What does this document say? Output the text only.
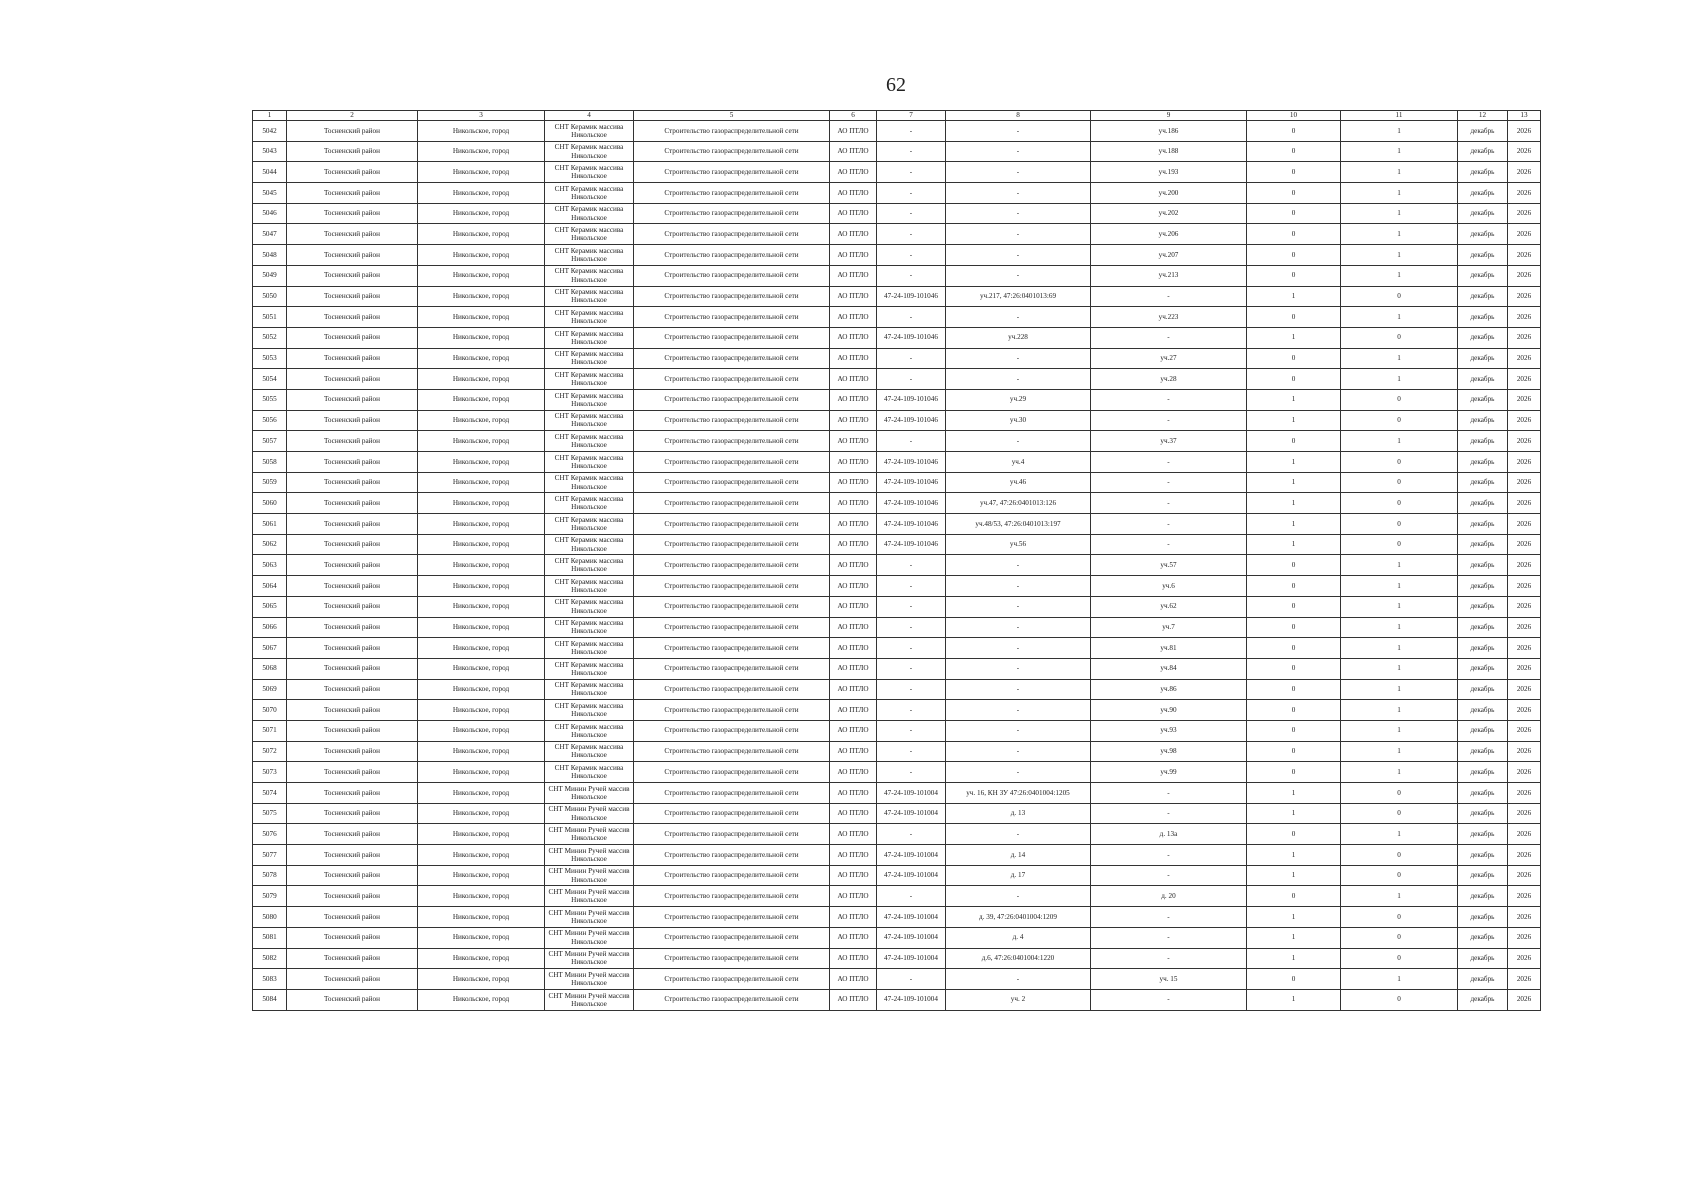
62
1	2	3	4	5	6	7	8	9	10	11	12	13
5042	Тосненский район	Никольское, город	СНТ Керамик массива Никольское	Строительство газораспределительной сети	АО ПТЛО	-	-	уч.186	0	1	декабрь	2026
5043	Тосненский район	Никольское, город	СНТ Керамик массива Никольское	Строительство газораспределительной сети	АО ПТЛО	-	-	уч.188	0	1	декабрь	2026
5044	Тосненский район	Никольское, город	СНТ Керамик массива Никольское	Строительство газораспределительной сети	АО ПТЛО	-	-	уч.193	0	1	декабрь	2026
5045	Тосненский район	Никольское, город	СНТ Керамик массива Никольское	Строительство газораспределительной сети	АО ПТЛО	-	-	уч.200	0	1	декабрь	2026
5046	Тосненский район	Никольское, город	СНТ Керамик массива Никольское	Строительство газораспределительной сети	АО ПТЛО	-	-	уч.202	0	1	декабрь	2026
5047	Тосненский район	Никольское, город	СНТ Керамик массива Никольское	Строительство газораспределительной сети	АО ПТЛО	-	-	уч.206	0	1	декабрь	2026
5048	Тосненский район	Никольское, город	СНТ Керамик массива Никольское	Строительство газораспределительной сети	АО ПТЛО	-	-	уч.207	0	1	декабрь	2026
5049	Тосненский район	Никольское, город	СНТ Керамик массива Никольское	Строительство газораспределительной сети	АО ПТЛО	-	-	уч.213	0	1	декабрь	2026
5050	Тосненский район	Никольское, город	СНТ Керамик массива Никольское	Строительство газораспределительной сети	АО ПТЛО	47-24-109-101046	уч.217, 47:26:0401013:69	-	1	0	декабрь	2026
5051	Тосненский район	Никольское, город	СНТ Керамик массива Никольское	Строительство газораспределительной сети	АО ПТЛО	-	-	уч.223	0	1	декабрь	2026
5052	Тосненский район	Никольское, город	СНТ Керамик массива Никольское	Строительство газораспределительной сети	АО ПТЛО	47-24-109-101046	уч.228	-	1	0	декабрь	2026
5053	Тосненский район	Никольское, город	СНТ Керамик массива Никольское	Строительство газораспределительной сети	АО ПТЛО	-	-	уч.27	0	1	декабрь	2026
5054	Тосненский район	Никольское, город	СНТ Керамик массива Никольское	Строительство газораспределительной сети	АО ПТЛО	-	-	уч.28	0	1	декабрь	2026
5055	Тосненский район	Никольское, город	СНТ Керамик массива Никольское	Строительство газораспределительной сети	АО ПТЛО	47-24-109-101046	уч.29	-	1	0	декабрь	2026
5056	Тосненский район	Никольское, город	СНТ Керамик массива Никольское	Строительство газораспределительной сети	АО ПТЛО	47-24-109-101046	уч.30	-	1	0	декабрь	2026
5057	Тосненский район	Никольское, город	СНТ Керамик массива Никольское	Строительство газораспределительной сети	АО ПТЛО	-	-	уч.37	0	1	декабрь	2026
5058	Тосненский район	Никольское, город	СНТ Керамик массива Никольское	Строительство газораспределительной сети	АО ПТЛО	47-24-109-101046	уч.4	-	1	0	декабрь	2026
5059	Тосненский район	Никольское, город	СНТ Керамик массива Никольское	Строительство газораспределительной сети	АО ПТЛО	47-24-109-101046	уч.46	-	1	0	декабрь	2026
5060	Тосненский район	Никольское, город	СНТ Керамик массива Никольское	Строительство газораспределительной сети	АО ПТЛО	47-24-109-101046	уч.47, 47:26:0401013:126	-	1	0	декабрь	2026
5061	Тосненский район	Никольское, город	СНТ Керамик массива Никольское	Строительство газораспределительной сети	АО ПТЛО	47-24-109-101046	уч.48/53, 47:26:0401013:197	-	1	0	декабрь	2026
5062	Тосненский район	Никольское, город	СНТ Керамик массива Никольское	Строительство газораспределительной сети	АО ПТЛО	47-24-109-101046	уч.56	-	1	0	декабрь	2026
5063	Тосненский район	Никольское, город	СНТ Керамик массива Никольское	Строительство газораспределительной сети	АО ПТЛО	-	-	уч.57	0	1	декабрь	2026
5064	Тосненский район	Никольское, город	СНТ Керамик массива Никольское	Строительство газораспределительной сети	АО ПТЛО	-	-	уч.6	0	1	декабрь	2026
5065	Тосненский район	Никольское, город	СНТ Керамик массива Никольское	Строительство газораспределительной сети	АО ПТЛО	-	-	уч.62	0	1	декабрь	2026
5066	Тосненский район	Никольское, город	СНТ Керамик массива Никольское	Строительство газораспределительной сети	АО ПТЛО	-	-	уч.7	0	1	декабрь	2026
5067	Тосненский район	Никольское, город	СНТ Керамик массива Никольское	Строительство газораспределительной сети	АО ПТЛО	-	-	уч.81	0	1	декабрь	2026
5068	Тосненский район	Никольское, город	СНТ Керамик массива Никольское	Строительство газораспределительной сети	АО ПТЛО	-	-	уч.84	0	1	декабрь	2026
5069	Тосненский район	Никольское, город	СНТ Керамик массива Никольское	Строительство газораспределительной сети	АО ПТЛО	-	-	уч.86	0	1	декабрь	2026
5070	Тосненский район	Никольское, город	СНТ Керамик массива Никольское	Строительство газораспределительной сети	АО ПТЛО	-	-	уч.90	0	1	декабрь	2026
5071	Тосненский район	Никольское, город	СНТ Керамик массива Никольское	Строительство газораспределительной сети	АО ПТЛО	-	-	уч.93	0	1	декабрь	2026
5072	Тосненский район	Никольское, город	СНТ Керамик массива Никольское	Строительство газораспределительной сети	АО ПТЛО	-	-	уч.98	0	1	декабрь	2026
5073	Тосненский район	Никольское, город	СНТ Керамик массива Никольское	Строительство газораспределительной сети	АО ПТЛО	-	-	уч.99	0	1	декабрь	2026
5074	Тосненский район	Никольское, город	СНТ Минин Ручей массив Никольское	Строительство газораспределительной сети	АО ПТЛО	47-24-109-101004	уч. 16, КН ЗУ 47:26:0401004:1205	-	1	0	декабрь	2026
5075	Тосненский район	Никольское, город	СНТ Минин Ручей массив Никольское	Строительство газораспределительной сети	АО ПТЛО	47-24-109-101004	д. 13	-	1	0	декабрь	2026
5076	Тосненский район	Никольское, город	СНТ Минин Ручей массив Никольское	Строительство газораспределительной сети	АО ПТЛО	-	-	д. 13а	0	1	декабрь	2026
5077	Тосненский район	Никольское, город	СНТ Минин Ручей массив Никольское	Строительство газораспределительной сети	АО ПТЛО	47-24-109-101004	д. 14	-	1	0	декабрь	2026
5078	Тосненский район	Никольское, город	СНТ Минин Ручей массив Никольское	Строительство газораспределительной сети	АО ПТЛО	47-24-109-101004	д. 17	-	1	0	декабрь	2026
5079	Тосненский район	Никольское, город	СНТ Минин Ручей массив Никольское	Строительство газораспределительной сети	АО ПТЛО	-	-	д. 20	0	1	декабрь	2026
5080	Тосненский район	Никольское, город	СНТ Минин Ручей массив Никольское	Строительство газораспределительной сети	АО ПТЛО	47-24-109-101004	д. 39, 47:26:0401004:1209	-	1	0	декабрь	2026
5081	Тосненский район	Никольское, город	СНТ Минин Ручей массив Никольское	Строительство газораспределительной сети	АО ПТЛО	47-24-109-101004	д. 4	-	1	0	декабрь	2026
5082	Тосненский район	Никольское, город	СНТ Минин Ручей массив Никольское	Строительство газораспределительной сети	АО ПТЛО	47-24-109-101004	д.6, 47:26:0401004:1220	-	1	0	декабрь	2026
5083	Тосненский район	Никольское, город	СНТ Минин Ручей массив Никольское	Строительство газораспределительной сети	АО ПТЛО	-	-	уч. 15	0	1	декабрь	2026
5084	Тосненский район	Никольское, город	СНТ Минин Ручей массив Никольское	Строительство газораспределительной сети	АО ПТЛО	47-24-109-101004	уч. 2	-	1	0	декабрь	2026
